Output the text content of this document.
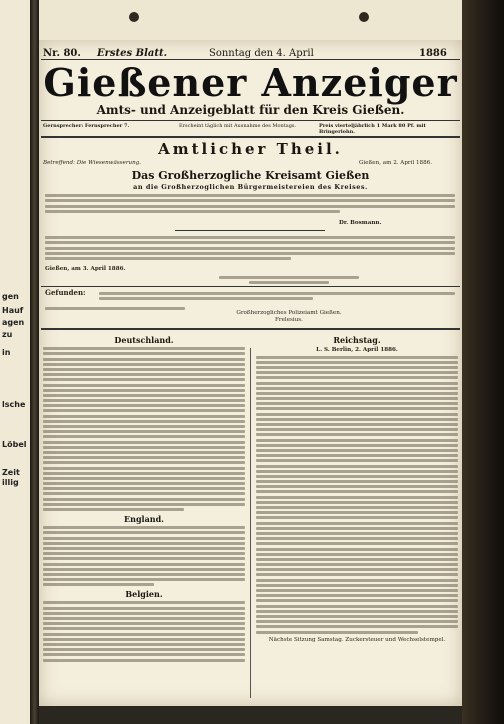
gen
Hauf
agen
zu
in
lsche
Löbel
Zeit
illig
Nr. 80. Erstes Blatt.	Sonntag den 4. April	1886
Gießener Anzeiger
Amts- und Anzeigeblatt für den Kreis Gießen.
Gernsprecher: Fernsprecher 7.	Erscheint täglich mit Ausnahme des Montags.	Preis vierteljährlich 1 Mark 80 Pf. mit Bringerlohn.
Amtlicher Theil.
Betreffend: Die Wiesenwässerung.	Gießen, am 2. April 1886.
Das Großherzogliche Kreisamt Gießen
an die Großherzoglichen Bürgermeistereien des Kreises.
Dr. Bosmann.
Gießen, am 3. April 1886.
Gefunden:
Großherzogliches Polizeiamt Gießen.
Frelesius.
Deutschland.
England.
Belgien.
Reichstag.
L. S. Berlin, 2. April 1886.
Nächste Sitzung Samstag. Zuckersteuer und Wechselstempel.
